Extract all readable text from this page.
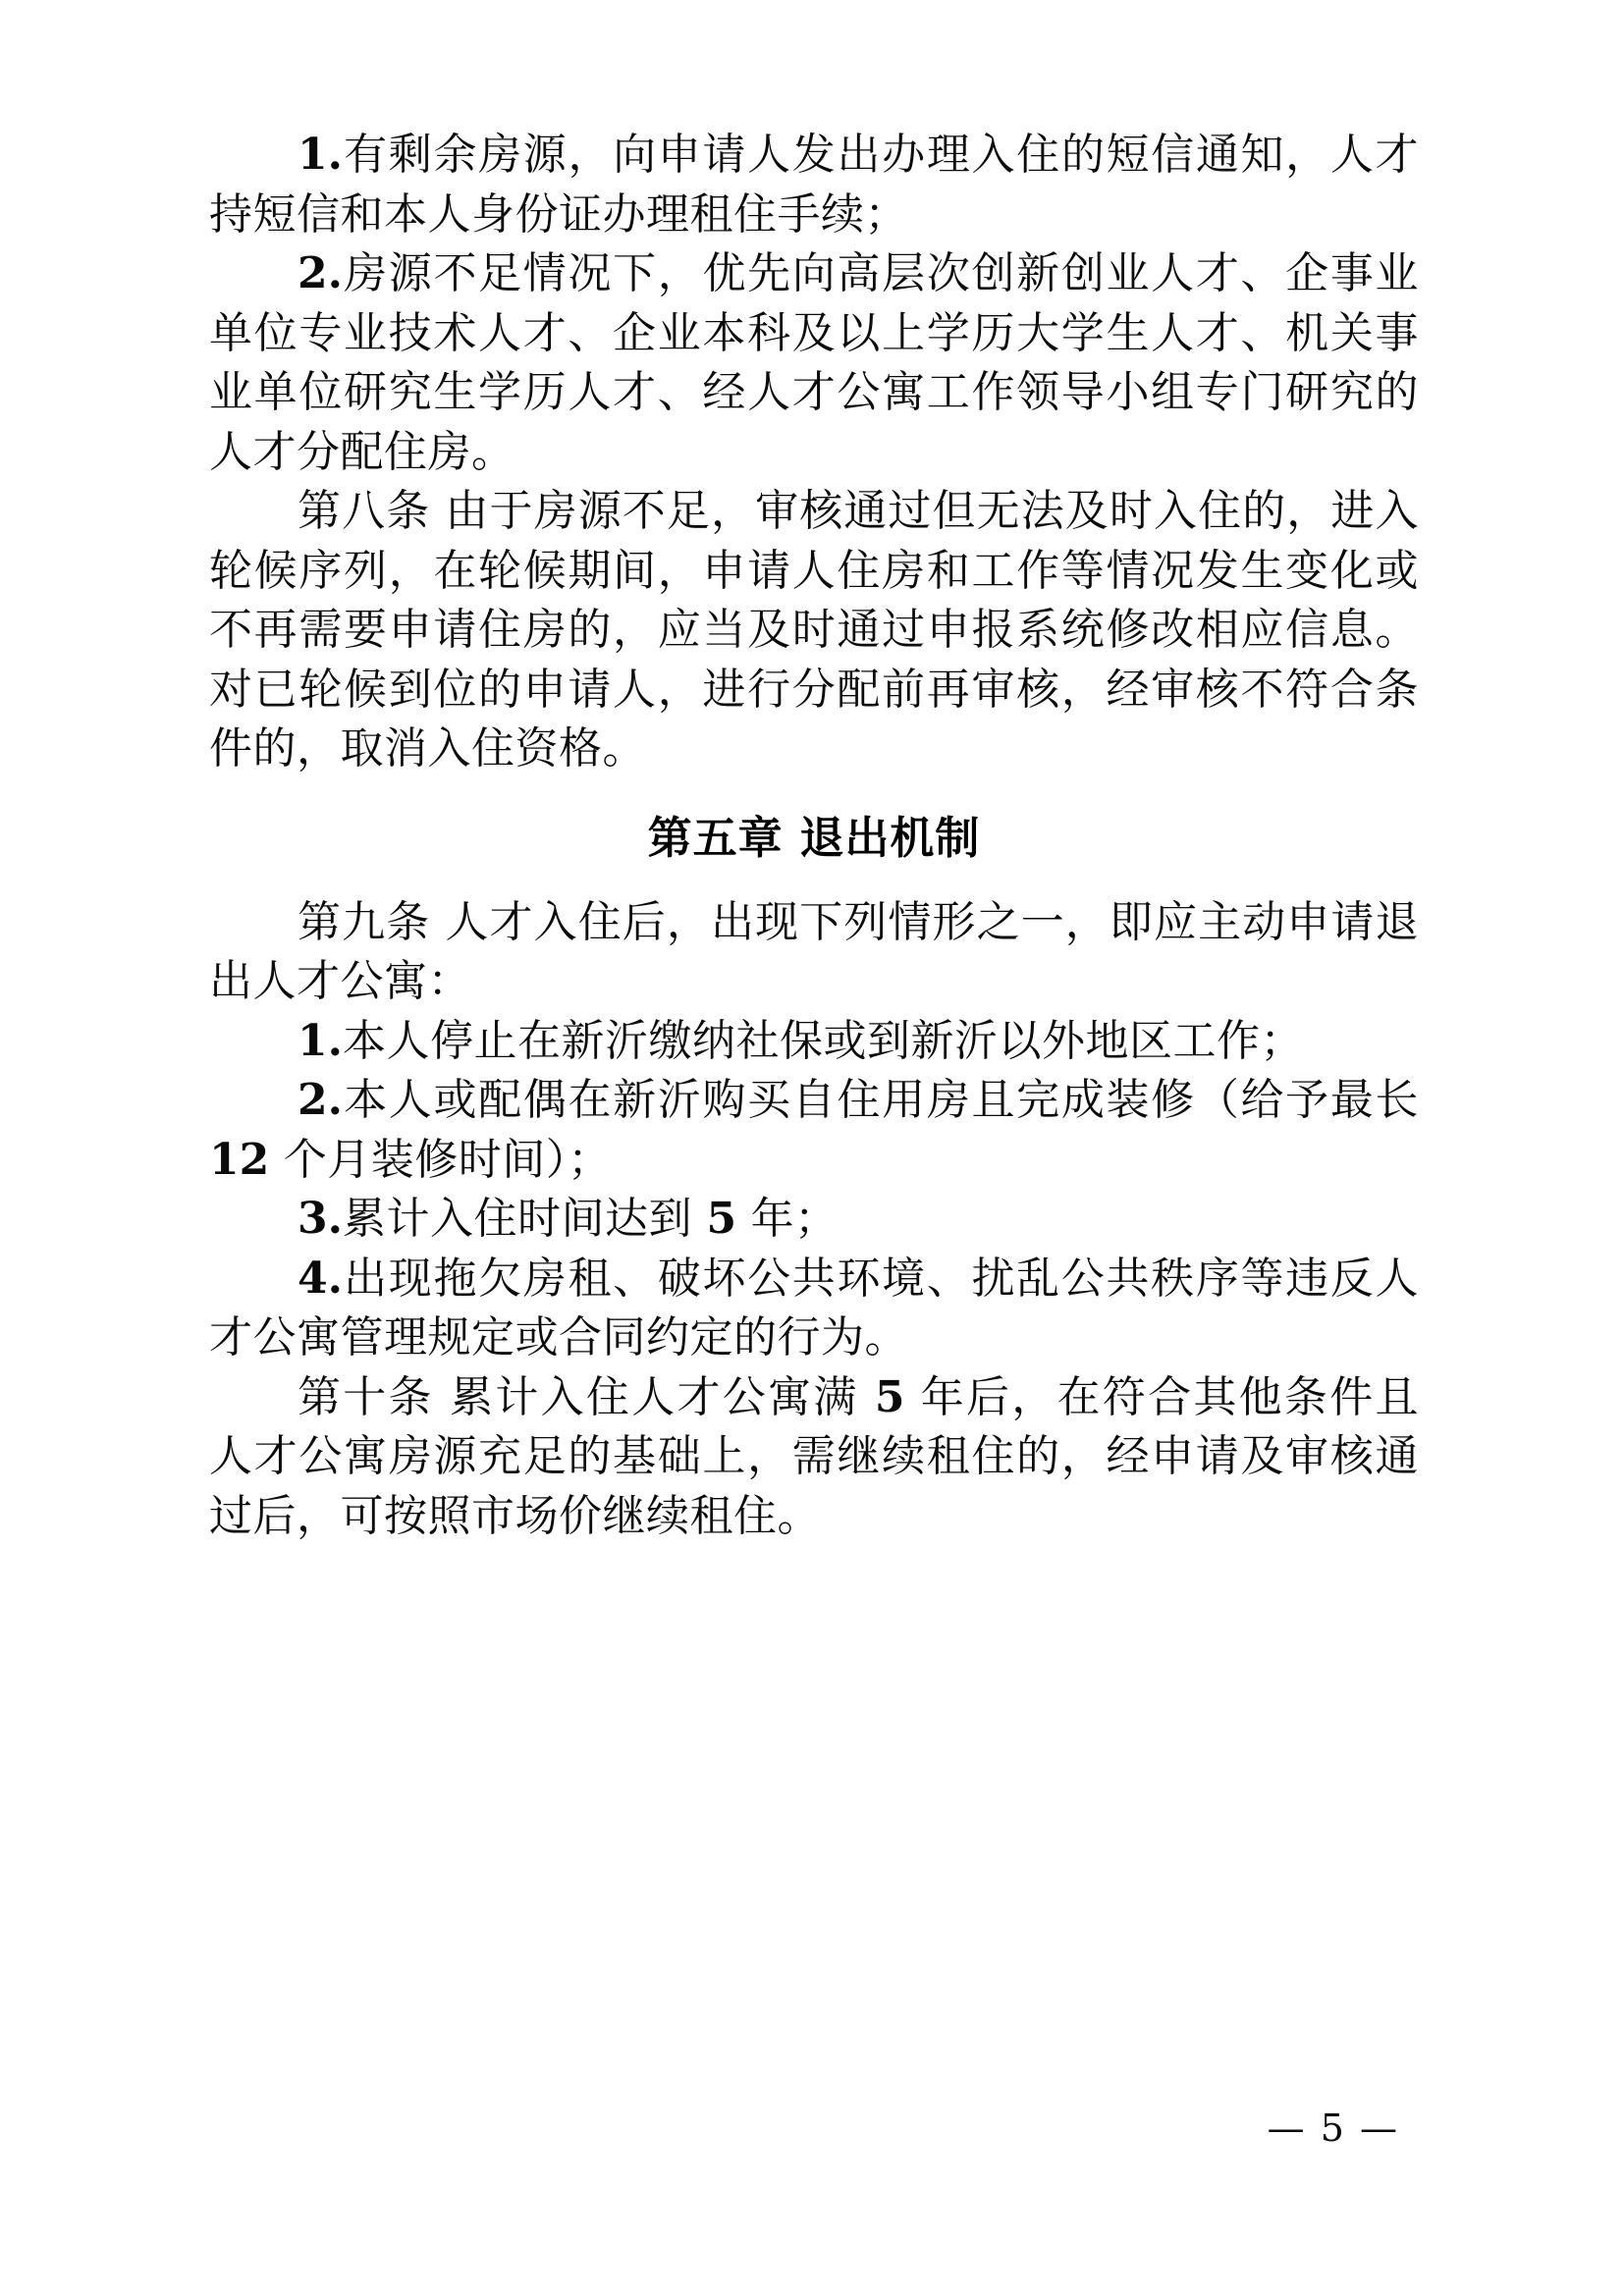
1.有剩余房源，向申请人发出办理入住的短信通知，人才持短信和本人身份证办理租住手续；

2.房源不足情况下，优先向高层次创新创业人才、企事业单位专业技术人才、企业本科及以上学历大学生人才、机关事业单位研究生学历人才、经人才公寓工作领导小组专门研究的人才分配住房。

第八条 由于房源不足，审核通过但无法及时入住的，进入轮候序列，在轮候期间，申请人住房和工作等情况发生变化或不再需要申请住房的，应当及时通过申报系统修改相应信息。对已轮候到位的申请人，进行分配前再审核，经审核不符合条件的，取消入住资格。

第五章 退出机制

第九条 人才入住后，出现下列情形之一，即应主动申请退出人才公寓：

1.本人停止在新沂缴纳社保或到新沂以外地区工作；

2.本人或配偶在新沂购买自住用房且完成装修（给予最长 12 个月装修时间）；

3.累计入住时间达到 5 年；

4.出现拖欠房租、破坏公共环境、扰乱公共秩序等违反人才公寓管理规定或合同约定的行为。

第十条 累计入住人才公寓满 5 年后，在符合其他条件且人才公寓房源充足的基础上，需继续租住的，经申请及审核通过后，可按照市场价继续租住。

— 5 —
